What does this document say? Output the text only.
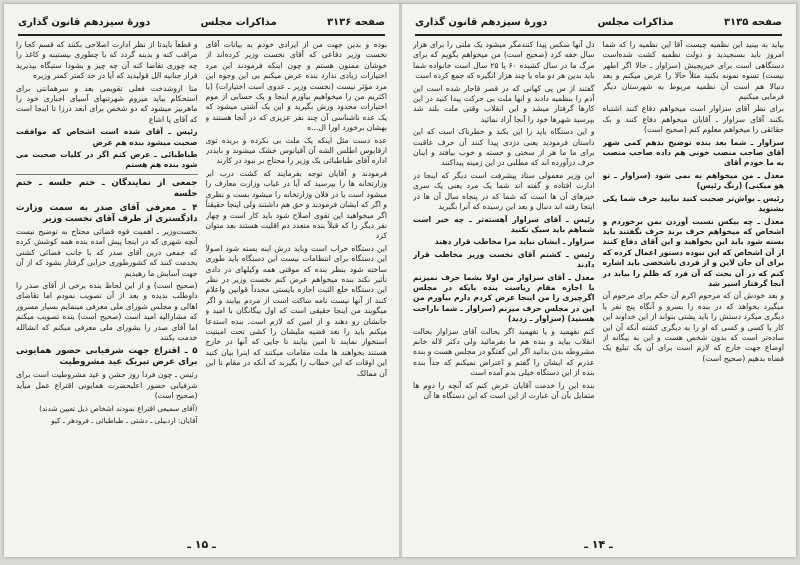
دورهٔ سیزدهم قانون گذاری	مذاکرات مجلس	صفحه ۳۱۳۶

بوده و بدین جهت من از ایرادی خودم به بیانات آقای نخست وزیر دفاعی که آقای نخست وزیر کرده‌اند از خوشان ممنون هستم و چون اینکه فرمودند این مرد اختیارات زیادی ندارد بنده عرض میکنم بی این وجوه این مرد مؤثر نیست (نخست وزیر ـ عدوی است اختیارات) (با اکثریم من را میخواهیم بیاورم اینجا و یک حسابی از موم اختیارات محدود ورش بگیرید و این یک آشتی میشود که یک عده ناشناسی آن چند نفر عزیزی که در آنجا هستند و بهشان برخورد اورا ال...ه

عده دست مثل اینکه یک ملت بی نکرده و بریده توی ارقابوس اطلس الشه آن آقیانوس خشک میشوند و بایددر اداره آقای طباطبائی یک وزیر را محتاج بر نبود در کارند

فرمودند و آقایان توجه بفرمایند که کشت درب ابر وزارتخانه ها را بپرسید که آیا در غیاب وزارت معارف را میشود است یا در فلان وزارتخانه را میشود بست و نظری و اگر که ایشان فرمودند و حق هم داشتند ولی اینجا حقیقتاً اگر میخواهید این تقوی اصلاح شود باید کار است و چهار نفر دیگر را که قبلاً بنده متعدد دم اقلیت هستند بعد متوان کرد

این دستگاه خراب است وباید درش اینه بسته شود اصولاً این دستگاه برای انتظامات نیست این دستگاه باید طوری ساخته شود بنظر بنده که موقتی همه وکیلهای در دادی تأثیر نکند بنده میخواهم عرض کنم نخست وزیر در نظر این دستگاه خلع الثبت اجازه بایستی مجدداً قوانین واعلام کنند از آنها نیست نامه ساکت است از مردم بیابند و اگر میگویند من اینجا حقیقی است که اول بیگانگان با امید و جانشان رو دهند و از امین که لازم است. بنده استدعا میکنم باید را بعد قضیه ملیشان را کشی تحت امینیت استخوار نمایند تا امین بیابند تا جایی که آنها در خارج هستند بخواهند ها ملت مقامات میکنند که اینرا بیان کنید این اوقات که این خطاب را بگیرند که آنکه در مقام تا این آن ممالک

و قطعاً بایدتا از نظر ادارت اصلاحی بکنند که قسم کجا را مراقب کنه و بدینه گردد که با چطوری بیستینه و کاغذ را چه چوری تقاضا کنه آن چه چیز و بشودا ستیگاه بپذیرید قرار جنانیه الل قولیدید که آیا در حد کمتر کمتر وزیره

متا اروشدخت فعلی تقویمی بعد و سرهمانتی برای استحکام بیاید میروم شهرتنهای آسیای اجباری خود را ماهرنیز میشود که دو شخص برای ابعد درزا تا اینجا است که آقای پا اشاع

رئیس ـ آقای شده است اشخاص که موافقت صحبت میشود بنده هم عرض

طباطبائی ـ عرض کنم اگر در کلیات صحبت می شود بنده هم هستم

جمعی از نمایندگان ـ ختم جلسه ـ ختم جلسه
۴ ـ معرفی آقای صدر به سمت وزارت دادگستری از طرف آقای نخست وزیر

نخست‌وزیر ـ اهمیت قوه قضائی محتاج به توضیح نیست آنچه شهری که در اینجا پیش آمده بنده همه کوشش کرده که جمعی درین آقای صدر که با جانب فضائی کشتی بخدمت کنند که کشورطوری خرابی گرفتار بشود که از آن جهت آسایش ما رهیدیم

(صحیح است) و از این لحاظ بنده برخی از آقای صدر را داوطلب ندیده و بعد از آن تصویب نمودم اما تقاضای اهالی و مجلس شورای ملی معرفی مینمایم بسیار مسرور که مشارالیه امید است (صحیح است) بنده تصویب میکنم اما آقای صدر را بشورای ملی معرفی میکنم که انشالله خدمت بکنند

۵ ـ اقتراع جهت شرفیابی حضور همایونی برای عرض تبریک عید مشروطیت

رئیس ـ چون فردا روز جشن و عید مشروطیت است برای شرفیابی حضور اعلیحضرت همایونی اقتراع عمل میآید (صحیح است)

(آقای سمیعی اقتراع نمودند اشخاص ذیل تعیین شدند)

آقایان: اردبیلی ـ دشتی ـ طباطبائی ـ فرودهر ـ کیو

ـ ۱۵ ـ
دورهٔ سیزدهم قانون گذاری	مذاکرات مجلس	صفحه ۳۱۳۵

بیاید به بینید این نظمیه چیست آقا این نظمیه را که شما امروز باید بسنجیدید و دولت نظمیه کشت شده‌است دستگاهی است برای خیریجیش (سزاوار ـ حالا اگر اطهر نیست) تسوه نمونه بکنید مثلاً حالا را عرض میکنم و بعد دنبالا هم است آن نظمیه مربوط به شهرستان دیگر فرمایی میکنیم

برای نظر آقای سزاوار است میخواهم دفاع کنند اشتباه بکنند آقای سزاوار ـ آقایان میخواهم دفاع کنند و بک حقائقی را میخواهم معلوم کنم (صحیح است)

سزاوار ـ شما بعد بنده توضیح بدهم کمی شهر آقای صاحب منصب خونی هم داده صاحب منصب به ما خودم آقای

معدل ـ من میخواهم به نمی شود (سزاوار ـ تو هو میکنی) (زنگ رئیس)

رئیس ـ یواش‌تر صحبت کنید نبایید حرف شما یکی بشنوید

معدل ـ چه بیکس نسبت آوردن بمن برخوردم و اشخاص که میخواهم حرف برند حرف نگفتند باید بسته شود باید این بخواهید و این آقای دفاع کنند از آن اشخاص که این نبوده دستور اعمال کرده که برای آن جان لاین و از فردی باشخصی باید اشاره کنم که در آن بحث که آن فرد که ظلم را بیابد در آنجا گرفتار اسیر شد

و بعد خودش آن که مرحوم اکرم آن حکم برای مرحوم آن میگیرد بخواهد که در بنده را بسرو و آنگاه پنج نفر یا دیگری میکرد دستش را باید پشتی بتواند از این خداوند این کار یا کسی و کسی که او را به دیگری کشته آنکه آن این ساده‌تر است که بدون شخص هست و این به بیگانه از اوضاع جهت خارج که لازم است برای آن یک تبلیغ یک فضاه بدهیم (صحیح است)

دل آنها سکس پیدا کنندمگر میشود یک ملتی را برای هزار سال خفه کرد (صحیح است) من میخواهم بگویم که برای مرگ ما در سال کشیده ۶۰ یا ۲۵ سال است خانواده شما باید بدین هر دو ماه یا چند هزار انگیزه که جمع کرده است

گفتند از س پی کهانی که در قصر قاجار شده است این آدم را بنظمیه دادند و انها ملت بی حرکت پیدا کنید در این کارها گرفتار میشد و این انقلاب وقتی ملت بلند شد بپرسید شهرها خود را آنجا آزاد نمائید

و این دستگاه باید را این بکند و خطرناک است که این داستان فرمودید یعنی دزدی پیدا کنند آن حرف عاقبت برای ما ما هر از سختی و خسته و خوب بیافتد و اینان حرف درآورده اند که مطلبی در این زمینه پیداکنند

این وزیر معمولی ستاد پیشرفت است دیگر که اینجا در ادارت افتاده و گفته اند شما یک مرد یعنی یک سری خیزهای آن ها است که شما که در پنجاه سال آن ها در اینجا رفته اند دنبال و بعد این رسیده که آنرا بگیرید

رئیس ـ آقای سزاوار آهسته‌تر ـ چه خبر است شماهم باید سبک نکنید

سزاوار ـ ایشان نباید مرا مخاطب قرار دهند

رئیس ـ کشتم آقای نخست وزیر مخاطب قرار دادند

معدل ـ آقای سزاوار من اولا بشما حرف نمیزنم با اجازه مقام ریاست بنده بایکه در مجلس اگرچیزی را من اینجا عرض کردم دارم بیاورم من این در مجلس حرف میزنم (سزاوار ـ شما ناراحت هستید) (سزاوار ـ زدید)

کنم نفهمید و یا نفهمید اگر بحالت آقای سزاوار بحالت انقلاب بیاید و بنده هم ما بفرمائید ولی دکتر لاله خانم مشروطه بدن بدانید اگر این گفتگو در مجلس هست و بنده عذرم که ایشان را گفتم و اعتراض نمیکنم که جداً بنده بنده از این دستگاه خیلی بدم آمده است

بنده این را خدمت آقایان عرض کنم که آنچه را دوم ها متمایل بآن آن عبارت از این است که این دستگاه ها آن

ـ ۱۴ ـ
